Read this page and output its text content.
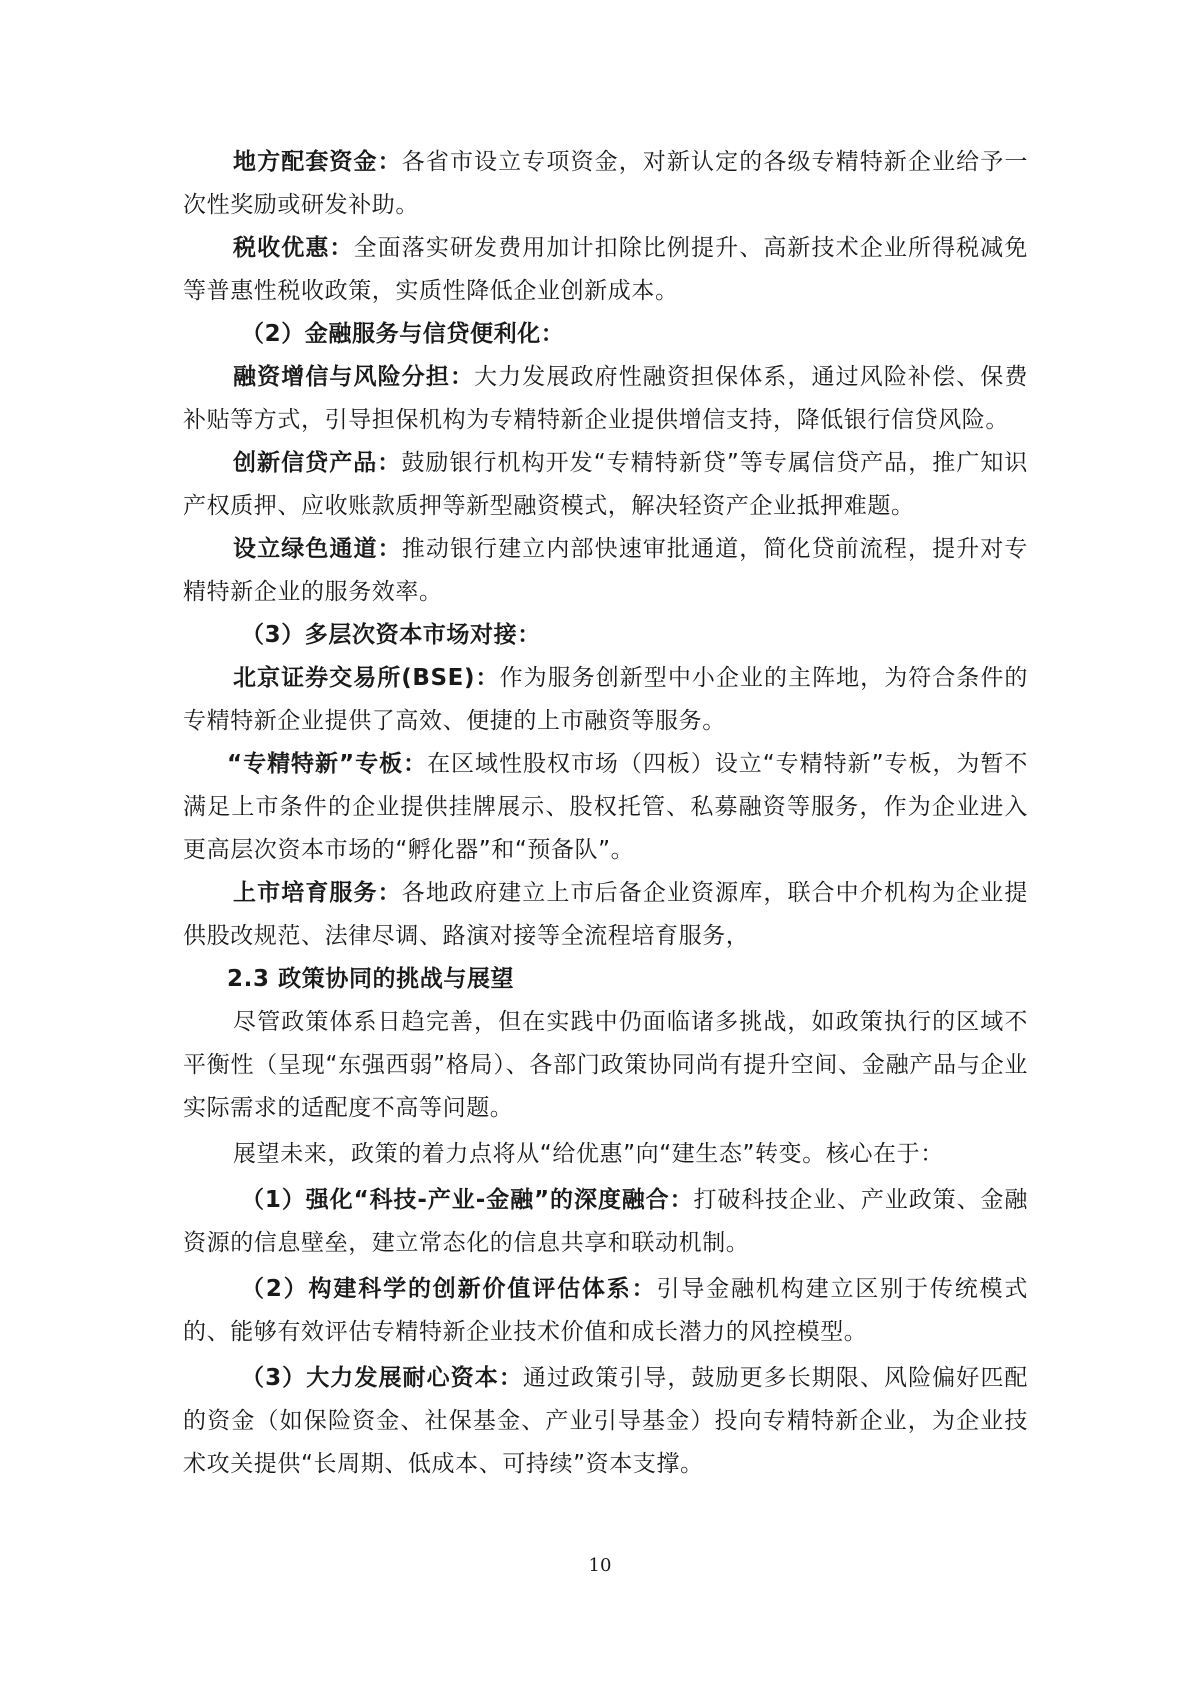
地方配套资金：各省市设立专项资金，对新认定的各级专精特新企业给予一次性奖励或研发补助。

税收优惠：全面落实研发费用加计扣除比例提升、高新技术企业所得税减免等普惠性税收政策，实质性降低企业创新成本。

（2）金融服务与信贷便利化：

融资增信与风险分担：大力发展政府性融资担保体系，通过风险补偿、保费补贴等方式，引导担保机构为专精特新企业提供增信支持，降低银行信贷风险。

创新信贷产品：鼓励银行机构开发“专精特新贷”等专属信贷产品，推广知识产权质押、应收账款质押等新型融资模式，解决轻资产企业抵押难题。

设立绿色通道：推动银行建立内部快速审批通道，简化贷前流程，提升对专精特新企业的服务效率。

（3）多层次资本市场对接：

北京证券交易所(BSE)：作为服务创新型中小企业的主阵地，为符合条件的专精特新企业提供了高效、便捷的上市融资等服务。

“专精特新”专板：在区域性股权市场（四板）设立“专精特新”专板，为暂不满足上市条件的企业提供挂牌展示、股权托管、私募融资等服务，作为企业进入更高层次资本市场的“孵化器”和“预备队”。

上市培育服务：各地政府建立上市后备企业资源库，联合中介机构为企业提供股改规范、法律尽调、路演对接等全流程培育服务，

2.3 政策协同的挑战与展望

尽管政策体系日趋完善，但在实践中仍面临诸多挑战，如政策执行的区域不平衡性（呈现“东强西弱”格局）、各部门政策协同尚有提升空间、金融产品与企业实际需求的适配度不高等问题。

展望未来，政策的着力点将从“给优惠”向“建生态”转变。核心在于：

（1）强化“科技-产业-金融”的深度融合：打破科技企业、产业政策、金融资源的信息壁垒，建立常态化的信息共享和联动机制。

（2）构建科学的创新价值评估体系：引导金融机构建立区别于传统模式的、能够有效评估专精特新企业技术价值和成长潜力的风控模型。

（3）大力发展耐心资本：通过政策引导，鼓励更多长期限、风险偏好匹配的资金（如保险资金、社保基金、产业引导基金）投向专精特新企业，为企业技术攻关提供“长周期、低成本、可持续”资本支撑。

10
